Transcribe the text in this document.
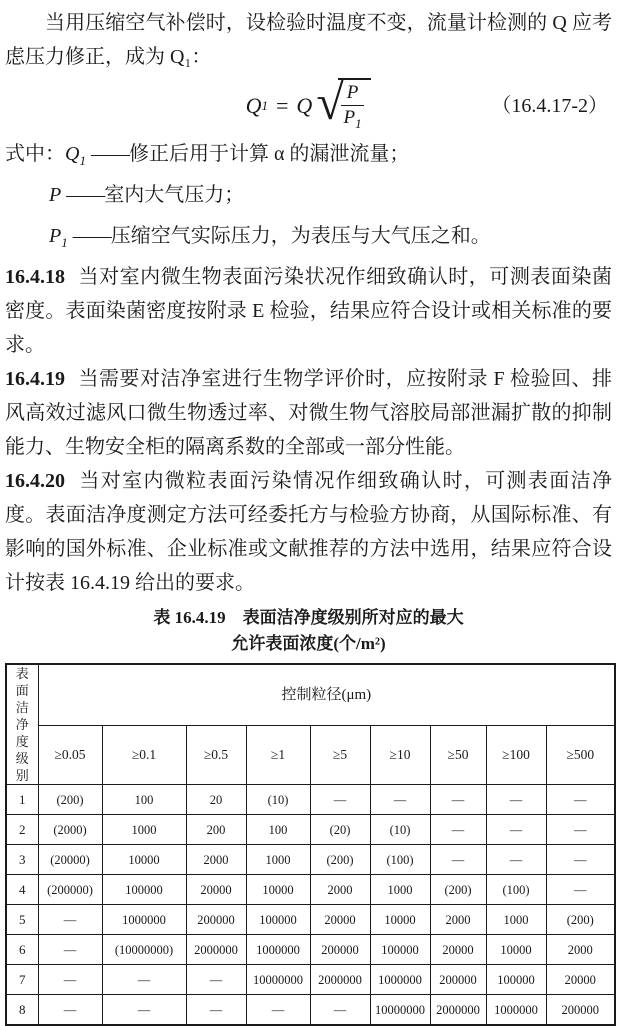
当用压缩空气补偿时，设检验时温度不变，流量计检测的 Q 应考虑压力修正，成为 Q₁：

Q 1 = Q √
$\frac{P}{P_1}$	（16.4.17-2）

式中：$Q_1$ ——修正后用于计算 α 的漏泄流量；

P ——室内大气压力；

$P_1$ ——压缩空气实际压力，为表压与大气压之和。

16.4.18 当对室内微生物表面污染状况作细致确认时，可测表面染菌密度。表面染菌密度按附录 E 检验，结果应符合设计或相关标准的要求。

16.4.19 当需要对洁净室进行生物学评价时，应按附录 F 检验回、排风高效过滤风口微生物透过率、对微生物气溶胶局部泄漏扩散的抑制能力、生物安全柜的隔离系数的全部或一部分性能。

16.4.20 当对室内微粒表面污染情况作细致确认时，可测表面洁净度。表面洁净度测定方法可经委托方与检验方协商，从国际标准、有影响的国外标准、企业标准或文献推荐的方法中选用，结果应符合设计按表 16.4.19 给出的要求。

表 16.4.19　表面洁净度级别所对应的最大
允许表面浓度(个/m²)
表面洁净度级别	控制粒径(μm)								
	≥0.05	≥0.1	≥0.5	≥1	≥5	≥10	≥50	≥100	≥500
1	(200)	100	20	(10)	—	—	—	—	—
2	(2000)	1000	200	100	(20)	(10)	—	—	—
3	(20000)	10000	2000	1000	(200)	(100)	—	—	—
4	(200000)	100000	20000	10000	2000	1000	(200)	(100)	—
5	—	1000000	200000	100000	20000	10000	2000	1000	(200)
6	—	(10000000)	2000000	1000000	200000	100000	20000	10000	2000
7	—	—	—	10000000	2000000	1000000	200000	100000	20000
8	—	—	—	—	—	10000000	2000000	1000000	200000
